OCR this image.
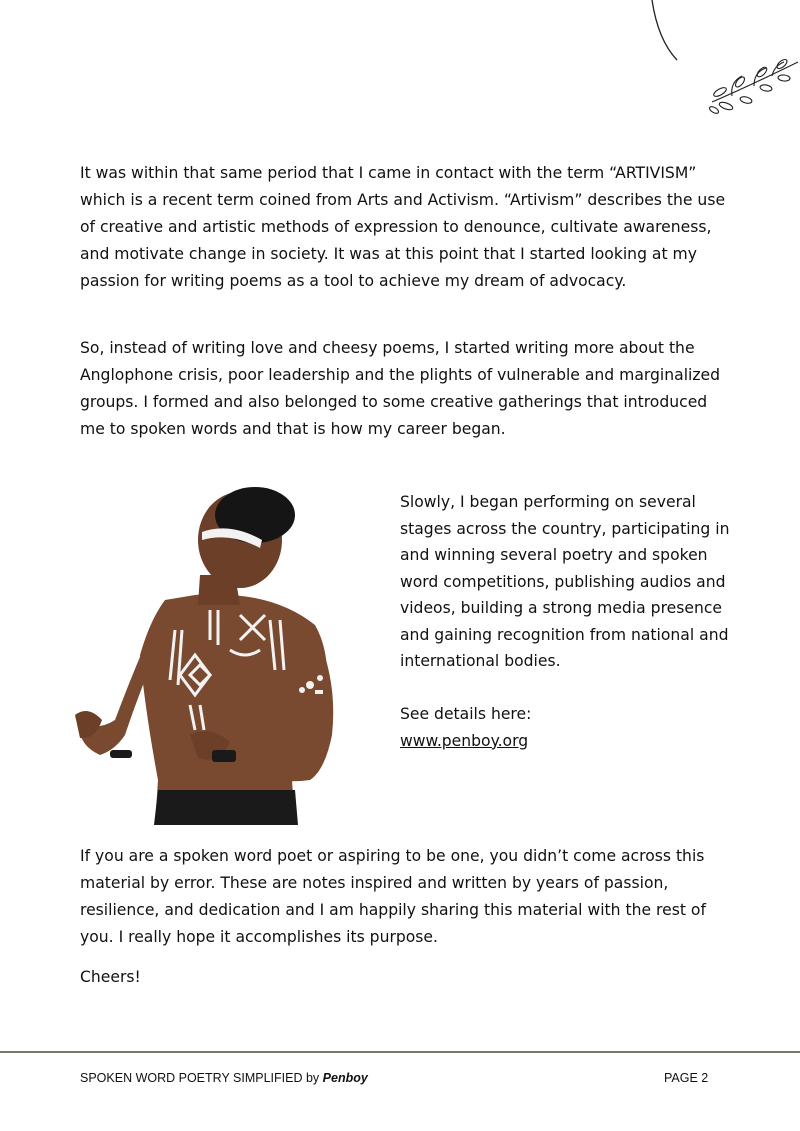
It was within that same period that I came in contact with the term “ARTIVISM” which is a recent term coined from Arts and Activism. “Artivism” describes the use of creative and artistic methods of expression to denounce, cultivate awareness, and motivate change in society. It was at this point that I started looking at my passion for writing poems as a tool to achieve my dream of advocacy.

So, instead of writing love and cheesy poems, I started writing more about the Anglophone crisis, poor leadership and the plights of vulnerable and marginalized groups. I formed and also belonged to some creative gatherings that introduced me to spoken words and that is how my career began.

Slowly, I began performing on several stages across the country, participating in and winning several poetry and spoken word competitions, publishing audios and videos, building a strong media presence and gaining recognition from national and international bodies.
See details here:
www.penboy.org

If you are a spoken word poet or aspiring to be one, you didn’t come across this material by error. These are notes inspired and written by years of passion, resilience, and dedication and I am happily sharing this material with the rest of you. I really hope it accomplishes its purpose.

Cheers!

SPOKEN WORD POETRY SIMPLIFIED by Penboy	PAGE 2
